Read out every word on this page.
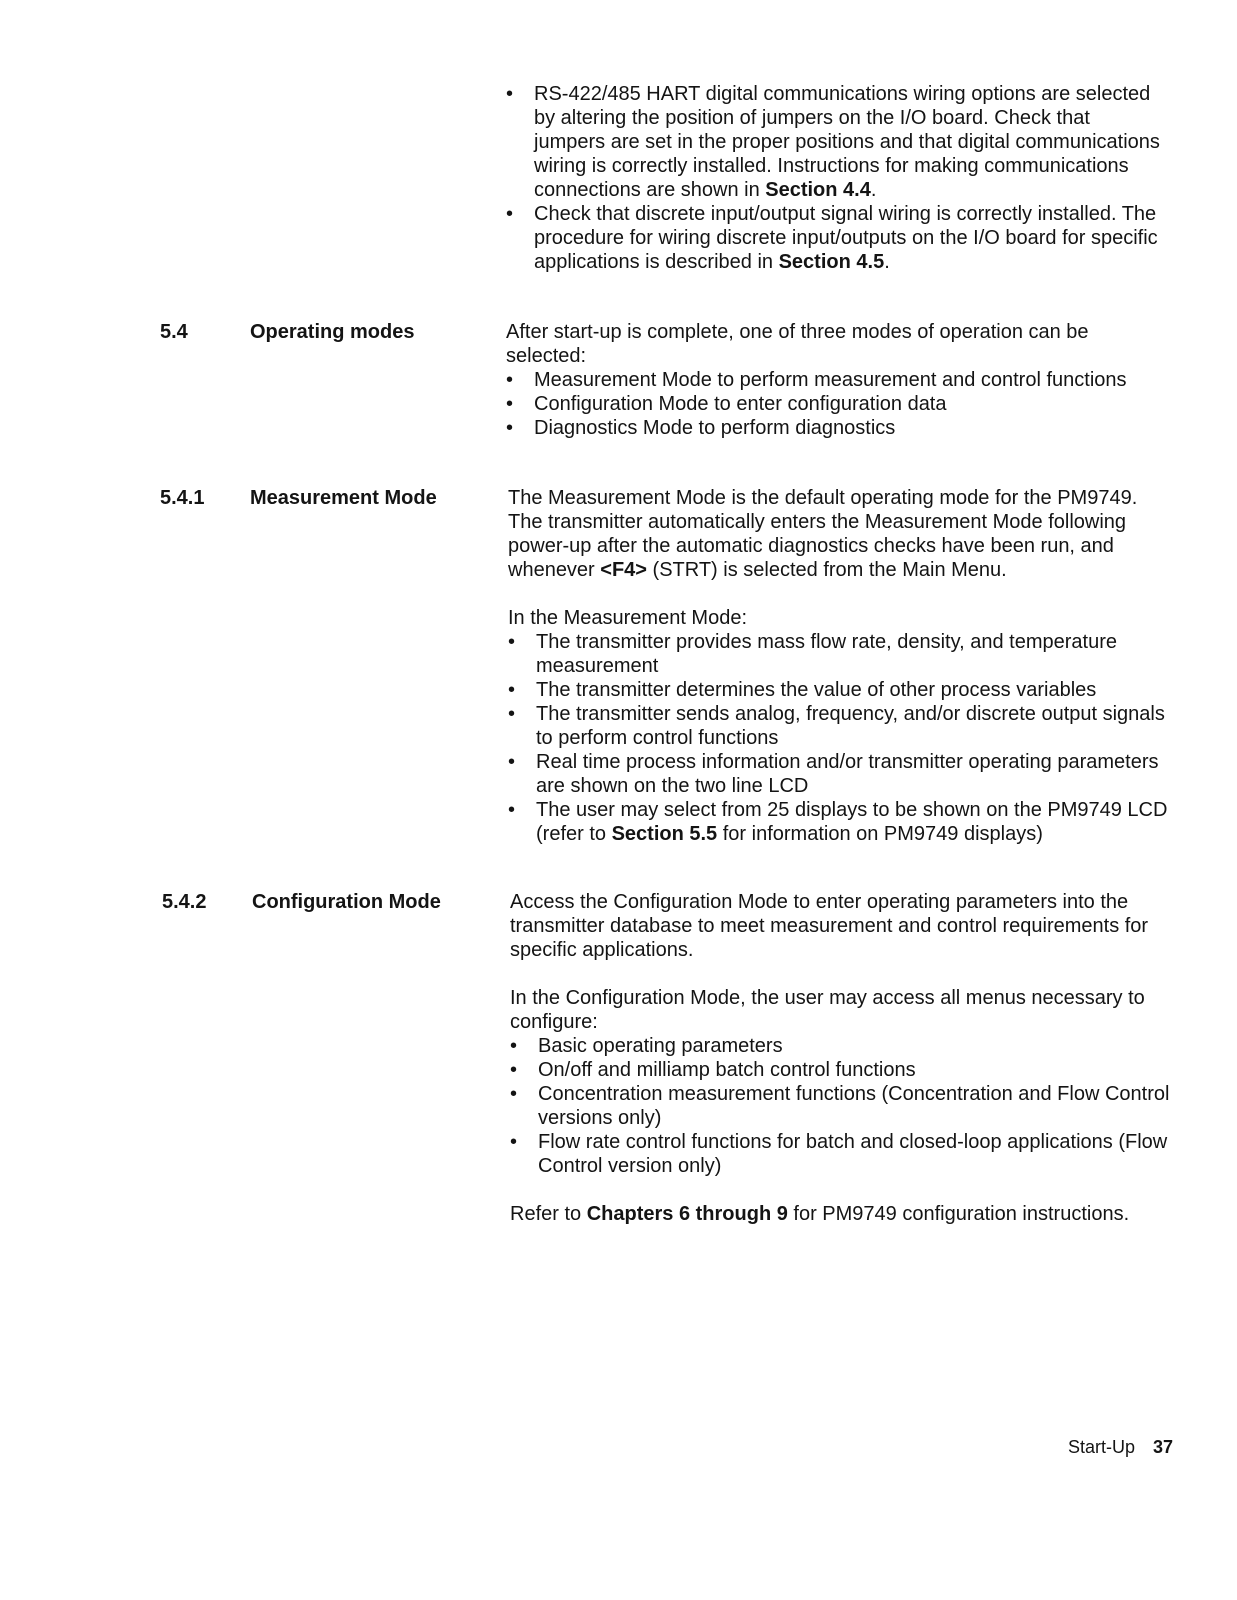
• RS-422/485 HART digital communications wiring options are selected by altering the position of jumpers on the I/O board. Check that jumpers are set in the proper positions and that digital communications wiring is correctly installed. Instructions for making communications connections are shown in Section 4.4.
• Check that discrete input/output signal wiring is correctly installed. The procedure for wiring discrete input/outputs on the I/O board for specific applications is described in Section 4.5.
5.4	Operating modes	After start-up is complete, one of three modes of operation can be selected:

• Measurement Mode to perform measurement and control functions
• Configuration Mode to enter configuration data
• Diagnostics Mode to perform diagnostics
5.4.1 Measurement Mode	The Measurement Mode is the default operating mode for the PM9749. The transmitter automatically enters the Measurement Mode following power-up after the automatic diagnostics checks have been run, and whenever <F4> (STRT) is selected from the Main Menu.

In the Measurement Mode:

• The transmitter provides mass flow rate, density, and temperature measurement
• The transmitter determines the value of other process variables
• The transmitter sends analog, frequency, and/or discrete output signals to perform control functions
• Real time process information and/or transmitter operating parameters are shown on the two line LCD
• The user may select from 25 displays to be shown on the PM9749 LCD (refer to Section 5.5 for information on PM9749 displays)
5.4.2 Configuration Mode	Access the Configuration Mode to enter operating parameters into the transmitter database to meet measurement and control requirements for specific applications.

In the Configuration Mode, the user may access all menus necessary to configure:

• Basic operating parameters
• On/off and milliamp batch control functions
• Concentration measurement functions (Concentration and Flow Control versions only)
• Flow rate control functions for batch and closed-loop applications (Flow Control version only)

Refer to Chapters 6 through 9 for PM9749 configuration instructions.

Start-Up 37
